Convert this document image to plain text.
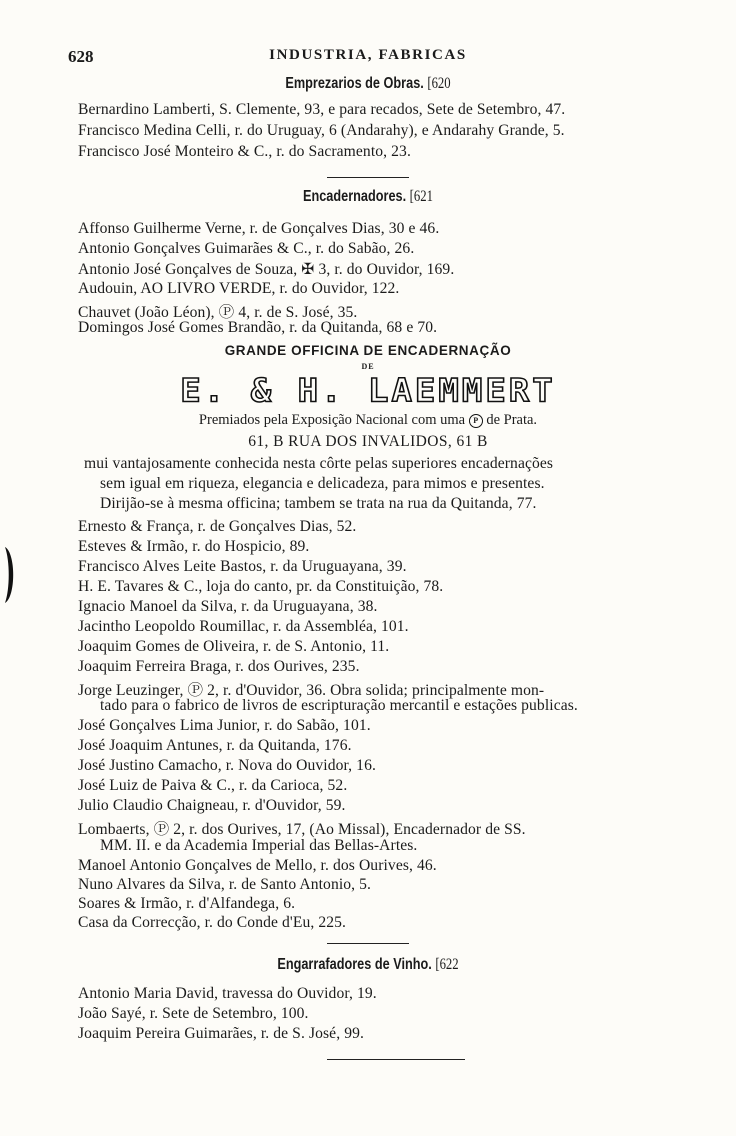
628	INDUSTRIA, FABRICAS
Emprezarios de Obras. [620
Bernardino Lamberti, S. Clemente, 93, e para recados, Sete de Setembro, 47.
Francisco Medina Celli, r. do Uruguay, 6 (Andarahy), e Andarahy Grande, 5.
Francisco José Monteiro & C., r. do Sacramento, 23.
Encadernadores. [621
Affonso Guilherme Verne, r. de Gonçalves Dias, 30 e 46.
Antonio Gonçalves Guimarães & C., r. do Sabão, 26.
Antonio José Gonçalves de Souza, ✠ 3, r. do Ouvidor, 169.
Audouin, AO LIVRO VERDE, r. do Ouvidor, 122.
Chauvet (João Léon), Ⓟ 4, r. de S. José, 35.
Domingos José Gomes Brandão, r. da Quitanda, 68 e 70.
GRANDE OFFICINA DE ENCADERNAÇÃO
DE
E. & H. LAEMMERT
Premiados pela Exposição Nacional com uma P de Prata.
61, B RUA DOS INVALIDOS, 61 B
mui vantajosamente conhecida nesta côrte pelas superiores encadernações
sem igual em riqueza, elegancia e delicadeza, para mimos e presentes.
Dirijão-se à mesma officina; tambem se trata na rua da Quitanda, 77.
Ernesto & França, r. de Gonçalves Dias, 52.
Esteves & Irmão, r. do Hospicio, 89.
Francisco Alves Leite Bastos, r. da Uruguayana, 39.
H. E. Tavares & C., loja do canto, pr. da Constituição, 78.
Ignacio Manoel da Silva, r. da Uruguayana, 38.
Jacintho Leopoldo Roumillac, r. da Assembléa, 101.
Joaquim Gomes de Oliveira, r. de S. Antonio, 11.
Joaquim Ferreira Braga, r. dos Ourives, 235.
Jorge Leuzinger, Ⓟ 2, r. d'Ouvidor, 36. Obra solida; principalmente mon-
tado para o fabrico de livros de escripturação mercantil e estações publicas.
José Gonçalves Lima Junior, r. do Sabão, 101.
José Joaquim Antunes, r. da Quitanda, 176.
José Justino Camacho, r. Nova do Ouvidor, 16.
José Luiz de Paiva & C., r. da Carioca, 52.
Julio Claudio Chaigneau, r. d'Ouvidor, 59.
Lombaerts, Ⓟ 2, r. dos Ourives, 17, (Ao Missal), Encadernador de SS.
MM. II. e da Academia Imperial das Bellas-Artes.
Manoel Antonio Gonçalves de Mello, r. dos Ourives, 46.
Nuno Alvares da Silva, r. de Santo Antonio, 5.
Soares & Irmão, r. d'Alfandega, 6.
Casa da Correcção, r. do Conde d'Eu, 225.
Engarrafadores de Vinho. [622
Antonio Maria David, travessa do Ouvidor, 19.
João Sayé, r. Sete de Setembro, 100.
Joaquim Pereira Guimarães, r. de S. José, 99.
